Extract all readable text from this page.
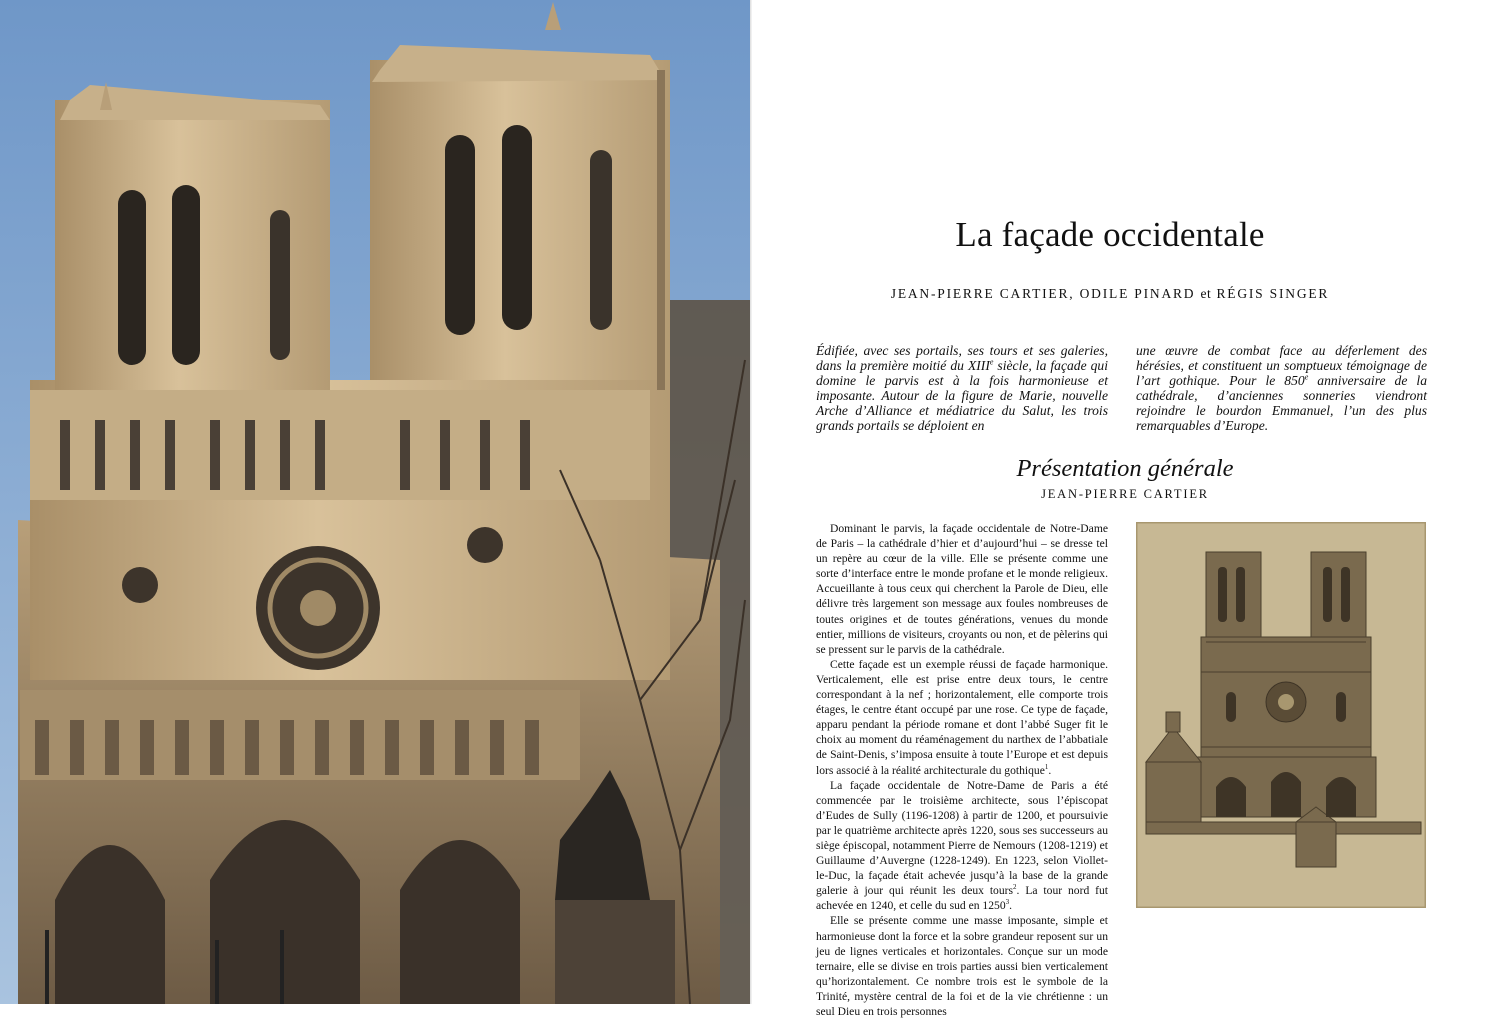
La façade occidentale

JEAN-PIERRE CARTIER, ODILE PINARD et RÉGIS SINGER

Édifiée, avec ses portails, ses tours et ses galeries, dans la première moitié du XIIIe siècle, la façade qui domine le parvis est à la fois harmonieuse et imposante. Autour de la figure de Marie, nouvelle Arche d’Alliance et médiatrice du Salut, les trois grands portails se déploient en

une œuvre de combat face au déferlement des hérésies, et constituent un somptueux témoignage de l’art gothique. Pour le 850e anniversaire de la cathédrale, d’anciennes sonneries viendront rejoindre le bourdon Emmanuel, l’un des plus remarquables d’Europe.

Présentation générale

JEAN-PIERRE CARTIER

Dominant le parvis, la façade occidentale de Notre-Dame de Paris – la cathédrale d’hier et d’aujourd’hui – se dresse tel un repère au cœur de la ville. Elle se présente comme une sorte d’interface entre le monde profane et le monde religieux. Accueillante à tous ceux qui cherchent la Parole de Dieu, elle délivre très largement son message aux foules nombreuses de toutes origines et de toutes générations, venues du monde entier, millions de visiteurs, croyants ou non, et de pèlerins qui se pressent sur le parvis de la cathédrale.

Cette façade est un exemple réussi de façade harmonique. Verticalement, elle est prise entre deux tours, le centre correspondant à la nef ; horizontalement, elle comporte trois étages, le centre étant occupé par une rose. Ce type de façade, apparu pendant la période romane et dont l’abbé Suger fit le choix au moment du réaménagement du narthex de l’abbatiale de Saint-Denis, s’imposa ensuite à toute l’Europe et est depuis lors associé à la réalité architecturale du gothique$^1$.

La façade occidentale de Notre-Dame de Paris a été commencée par le troisième architecte, sous l’épiscopat d’Eudes de Sully (1196-1208) à partir de 1200, et poursuivie par le quatrième architecte après 1220, sous ses successeurs au siège épiscopal, notamment Pierre de Nemours (1208-1219) et Guillaume d’Auvergne (1228-1249). En 1223, selon Viollet-le-Duc, la façade était achevée jusqu’à la base de la grande galerie à jour qui réunit les deux tours$^2$. La tour nord fut achevée en 1240, et celle du sud en 1250$^3$.

Elle se présente comme une masse imposante, simple et harmonieuse dont la force et la sobre grandeur reposent sur un jeu de lignes verticales et horizontales. Conçue sur un mode ternaire, elle se divise en trois parties aussi bien verticalement qu’horizontalement. Ce nombre trois est le symbole de la Trinité, mystère central de la foi et de la vie chrétienne : un seul Dieu en trois personnes
